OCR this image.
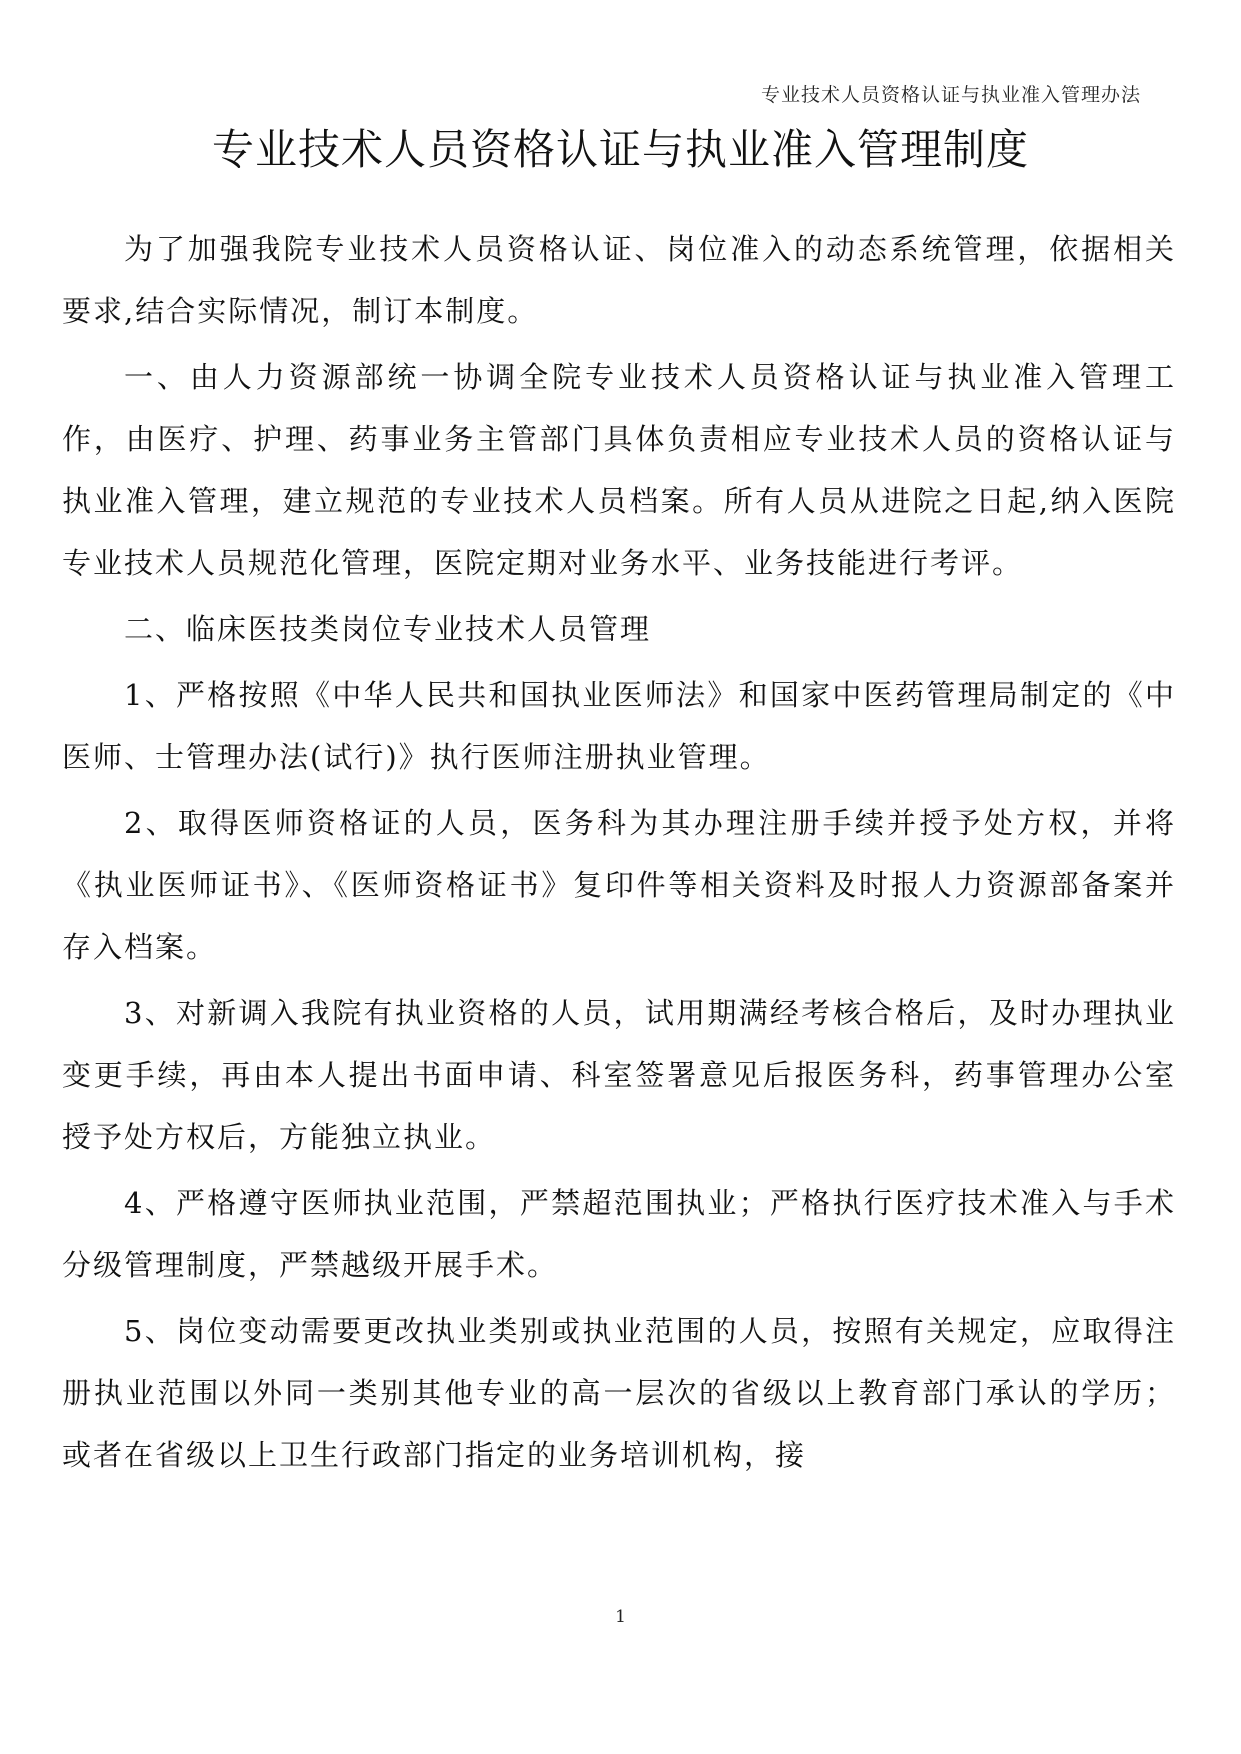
专业技术人员资格认证与执业准入管理办法
专业技术人员资格认证与执业准入管理制度

为了加强我院专业技术人员资格认证、岗位准入的动态系统管理，依据相关要求,结合实际情况，制订本制度。

一、由人力资源部统一协调全院专业技术人员资格认证与执业准入管理工作，由医疗、护理、药事业务主管部门具体负责相应专业技术人员的资格认证与执业准入管理，建立规范的专业技术人员档案。所有人员从进院之日起,纳入医院专业技术人员规范化管理，医院定期对业务水平、业务技能进行考评。

二、临床医技类岗位专业技术人员管理

1、严格按照《中华人民共和国执业医师法》和国家中医药管理局制定的《中医师、士管理办法(试行)》执行医师注册执业管理。

2、取得医师资格证的人员，医务科为其办理注册手续并授予处方权，并将《执业医师证书》、《医师资格证书》复印件等相关资料及时报人力资源部备案并存入档案。

3、对新调入我院有执业资格的人员，试用期满经考核合格后，及时办理执业变更手续，再由本人提出书面申请、科室签署意见后报医务科，药事管理办公室授予处方权后，方能独立执业。

4、严格遵守医师执业范围，严禁超范围执业；严格执行医疗技术准入与手术分级管理制度，严禁越级开展手术。

5、岗位变动需要更改执业类别或执业范围的人员，按照有关规定，应取得注册执业范围以外同一类别其他专业的高一层次的省级以上教育部门承认的学历；或者在省级以上卫生行政部门指定的业务培训机构，接

1
